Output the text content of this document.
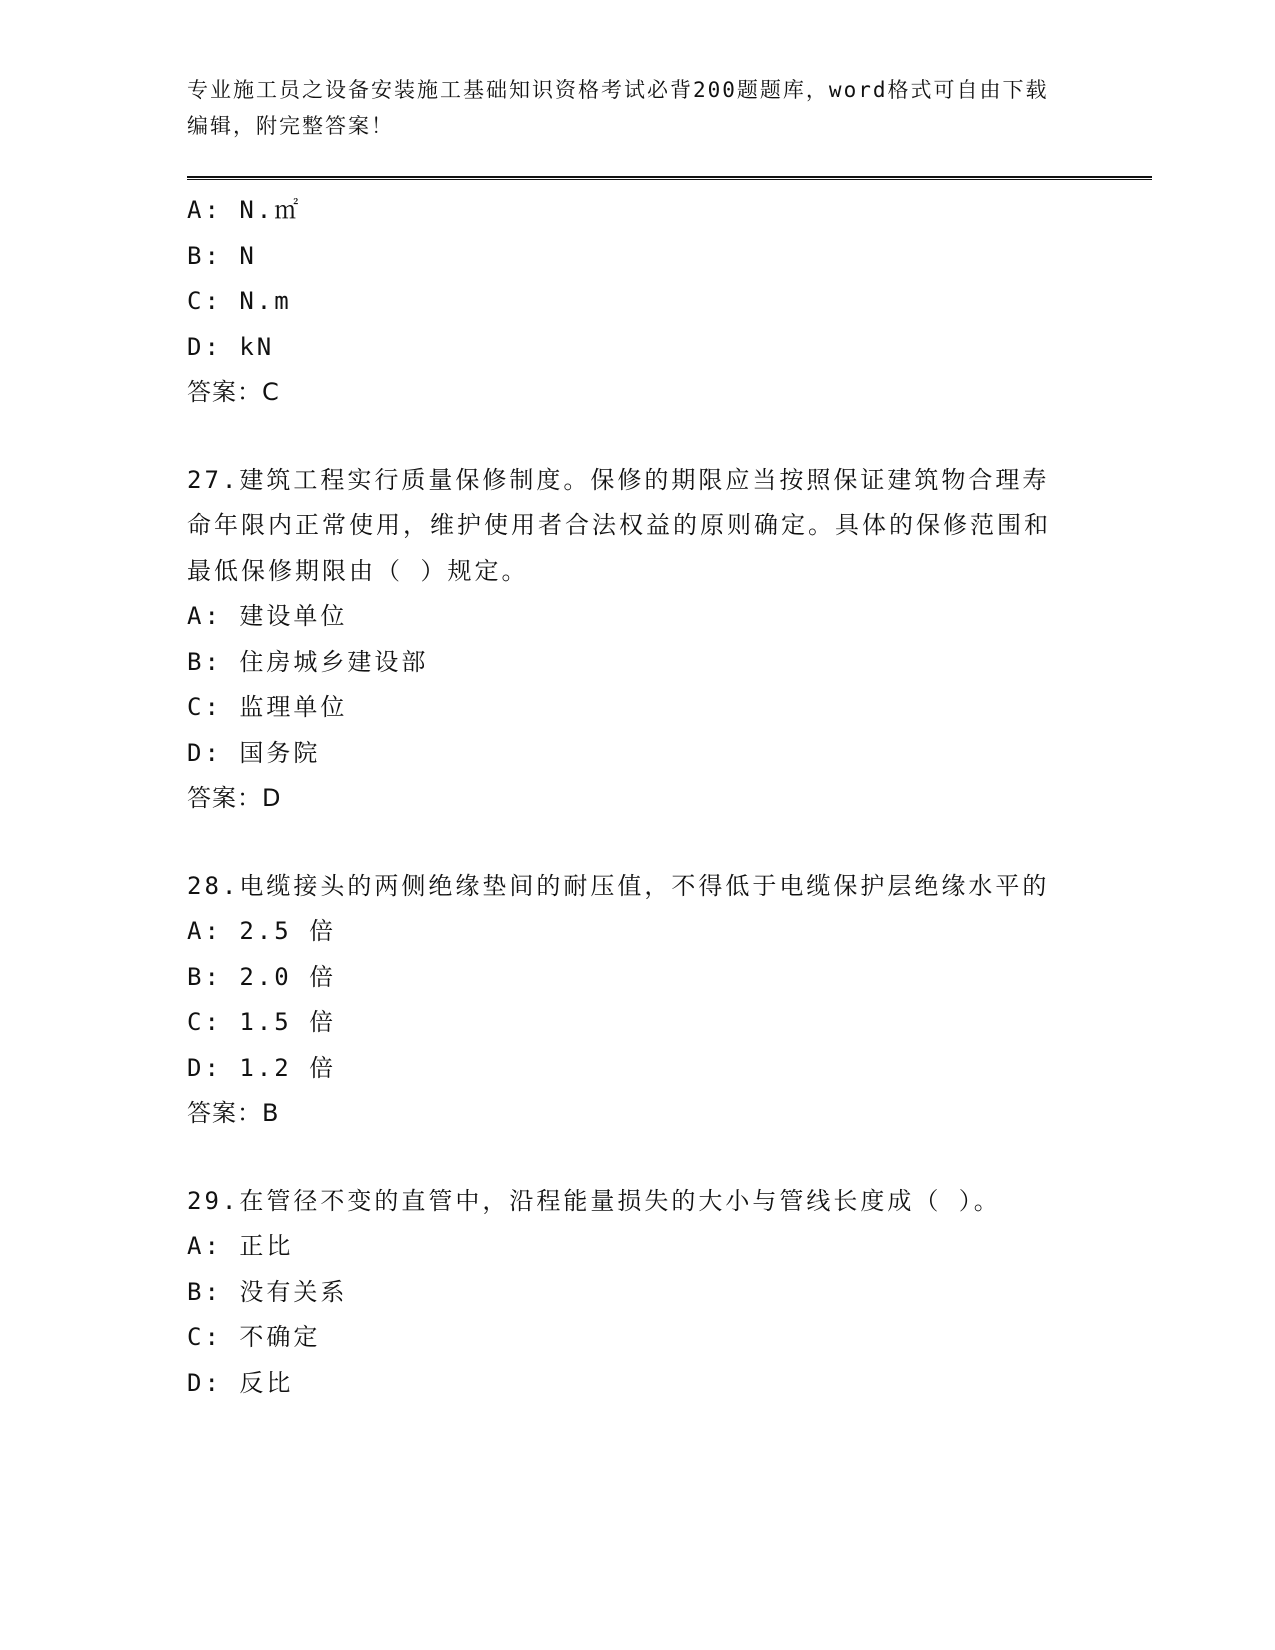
专业施工员之设备安装施工基础知识资格考试必背200题题库，word格式可自由下载编辑，附完整答案！
A: N.㎡
B: N
C: N.m
D: kN
答案：C
27.建筑工程实行质量保修制度。保修的期限应当按照保证建筑物合理寿命年限内正常使用，维护使用者合法权益的原则确定。具体的保修范围和最低保修期限由（ ）规定。
A: 建设单位
B: 住房城乡建设部
C: 监理单位
D: 国务院
答案：D
28.电缆接头的两侧绝缘垫间的耐压值，不得低于电缆保护层绝缘水平的
A: 2.5 倍
B: 2.0 倍
C: 1.5 倍
D: 1.2 倍
答案：B
29.在管径不变的直管中，沿程能量损失的大小与管线长度成（ ）。
A: 正比
B: 没有关系
C: 不确定
D: 反比
